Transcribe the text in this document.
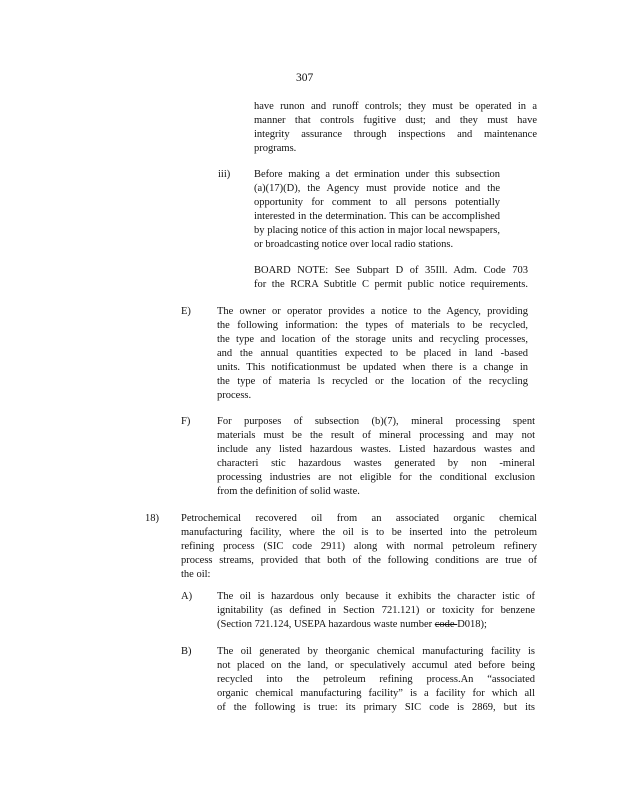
307
have runon and runoff controls; they must be operated in a
manner that controls fugitive dust; and they must have
integrity assurance through inspections and maintenance
programs.
iii) Before making a det ermination under this subsection
(a)(17)(D), the Agency must provide notice and the
opportunity for comment to all persons potentially
interested in the determination. This can be accomplished
by placing notice of this action in major local newspapers,
or broadcasting notice over local radio stations.
BOARD NOTE: See Subpart D of 35Ill. Adm. Code 703
for the RCRA Subtitle C permit public notice requirements.
E) The owner or operator provides a notice to the Agency, providing
the following information: the types of materials to be recycled,
the type and location of the storage units and recycling processes,
and the annual quantities expected to be placed in land -based
units. This notificationmust be updated when there is a change in
the type of materia ls recycled or the location of the recycling
process.
F)	For purposes of subsection (b)(7), mineral processing spent
materials must be the result of mineral processing and may not
include any listed hazardous wastes. Listed hazardous wastes and
characteri stic hazardous wastes generated by non -mineral
processing industries are not eligible for the conditional exclusion
from the definition of solid waste.
18) Petrochemical recovered oil from an associated organic chemical
manufacturing facility, where the oil is to be inserted into the petroleum
refining process (SIC code 2911) along with normal petroleum refinery
process streams, provided that both of the following conditions are true of
the oil:
A) The oil is hazardous only because it exhibits the character istic of
ignitability (as defined in Section 721.121) or toxicity for benzene
(Section 721.124, USEPA hazardous waste number code D018);
B) The oil generated by theorganic chemical manufacturing facility is
not placed on the land, or speculatively accumul ated before being
recycled into the petroleum refining process.An “associated
organic chemical manufacturing facility” is a facility for which all
of the following is true: its primary SIC code is 2869, but its
